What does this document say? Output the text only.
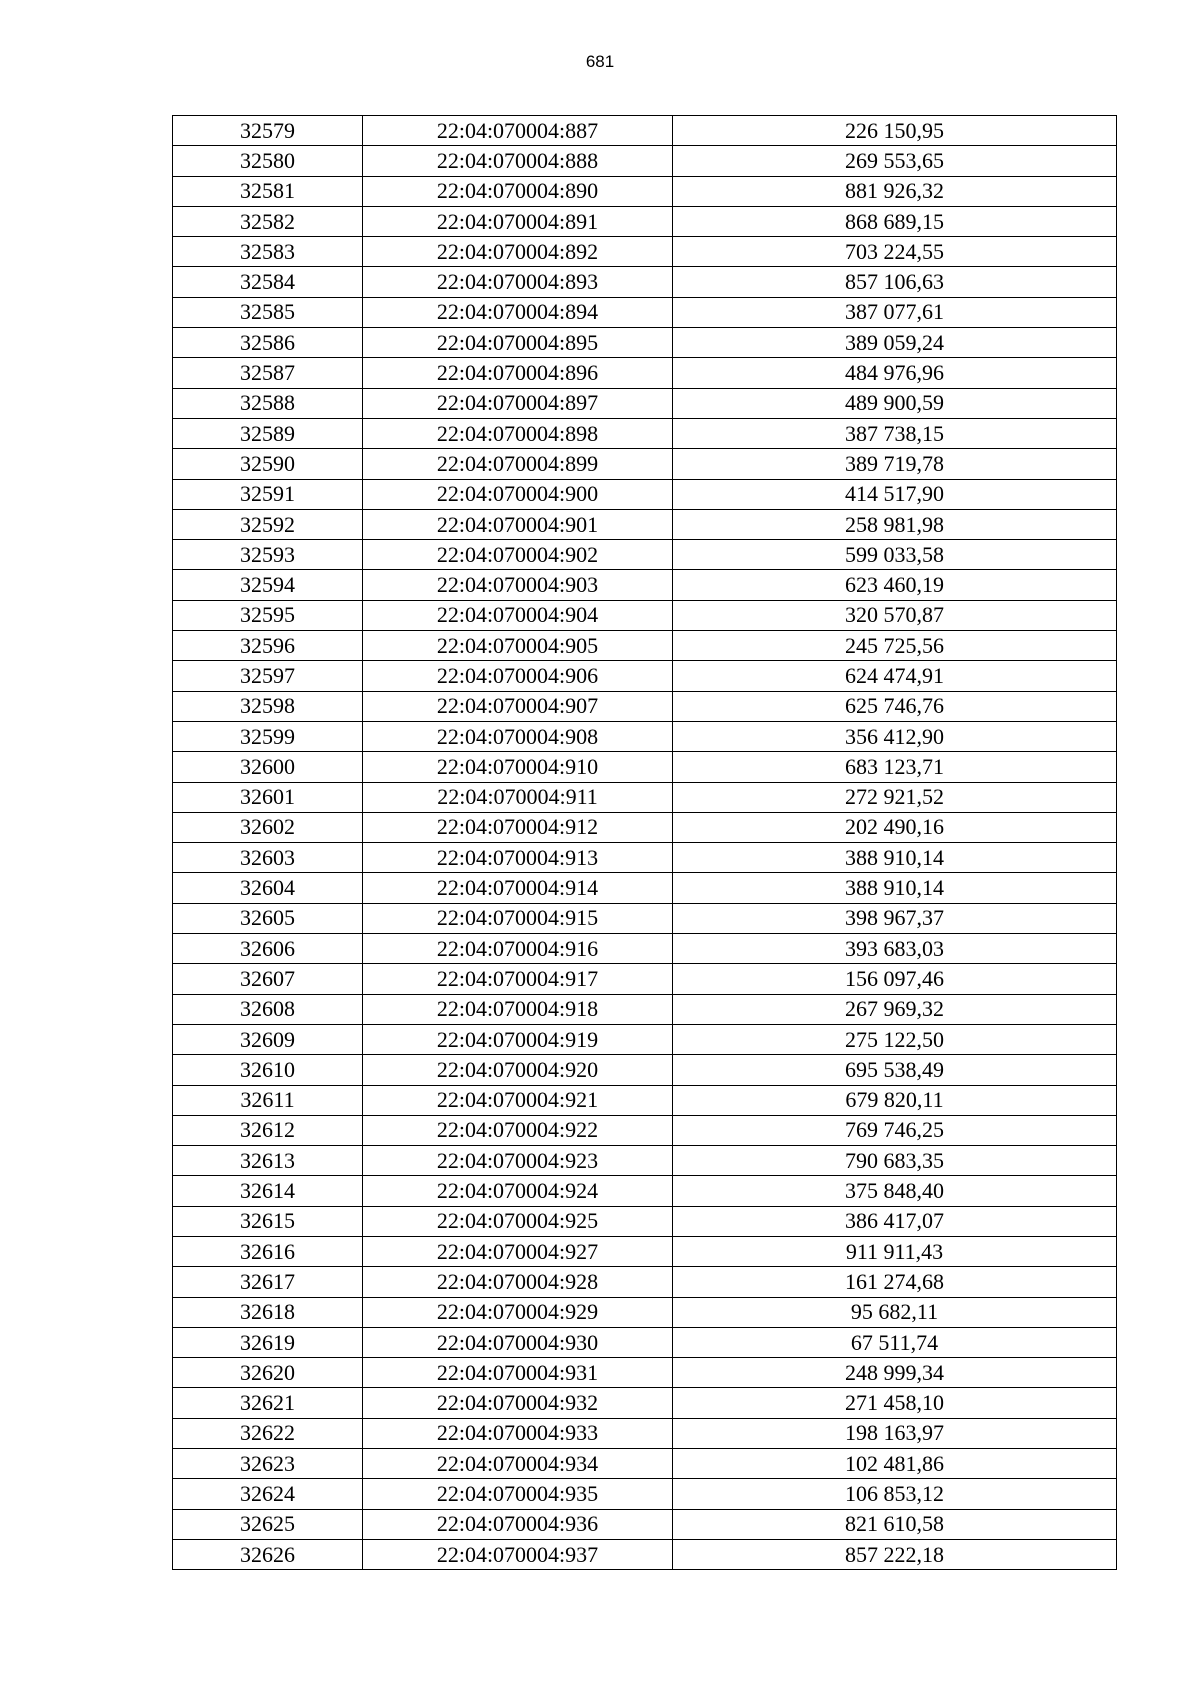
681
32579	22:04:070004:887	226 150,95
32580	22:04:070004:888	269 553,65
32581	22:04:070004:890	881 926,32
32582	22:04:070004:891	868 689,15
32583	22:04:070004:892	703 224,55
32584	22:04:070004:893	857 106,63
32585	22:04:070004:894	387 077,61
32586	22:04:070004:895	389 059,24
32587	22:04:070004:896	484 976,96
32588	22:04:070004:897	489 900,59
32589	22:04:070004:898	387 738,15
32590	22:04:070004:899	389 719,78
32591	22:04:070004:900	414 517,90
32592	22:04:070004:901	258 981,98
32593	22:04:070004:902	599 033,58
32594	22:04:070004:903	623 460,19
32595	22:04:070004:904	320 570,87
32596	22:04:070004:905	245 725,56
32597	22:04:070004:906	624 474,91
32598	22:04:070004:907	625 746,76
32599	22:04:070004:908	356 412,90
32600	22:04:070004:910	683 123,71
32601	22:04:070004:911	272 921,52
32602	22:04:070004:912	202 490,16
32603	22:04:070004:913	388 910,14
32604	22:04:070004:914	388 910,14
32605	22:04:070004:915	398 967,37
32606	22:04:070004:916	393 683,03
32607	22:04:070004:917	156 097,46
32608	22:04:070004:918	267 969,32
32609	22:04:070004:919	275 122,50
32610	22:04:070004:920	695 538,49
32611	22:04:070004:921	679 820,11
32612	22:04:070004:922	769 746,25
32613	22:04:070004:923	790 683,35
32614	22:04:070004:924	375 848,40
32615	22:04:070004:925	386 417,07
32616	22:04:070004:927	911 911,43
32617	22:04:070004:928	161 274,68
32618	22:04:070004:929	95 682,11
32619	22:04:070004:930	67 511,74
32620	22:04:070004:931	248 999,34
32621	22:04:070004:932	271 458,10
32622	22:04:070004:933	198 163,97
32623	22:04:070004:934	102 481,86
32624	22:04:070004:935	106 853,12
32625	22:04:070004:936	821 610,58
32626	22:04:070004:937	857 222,18
